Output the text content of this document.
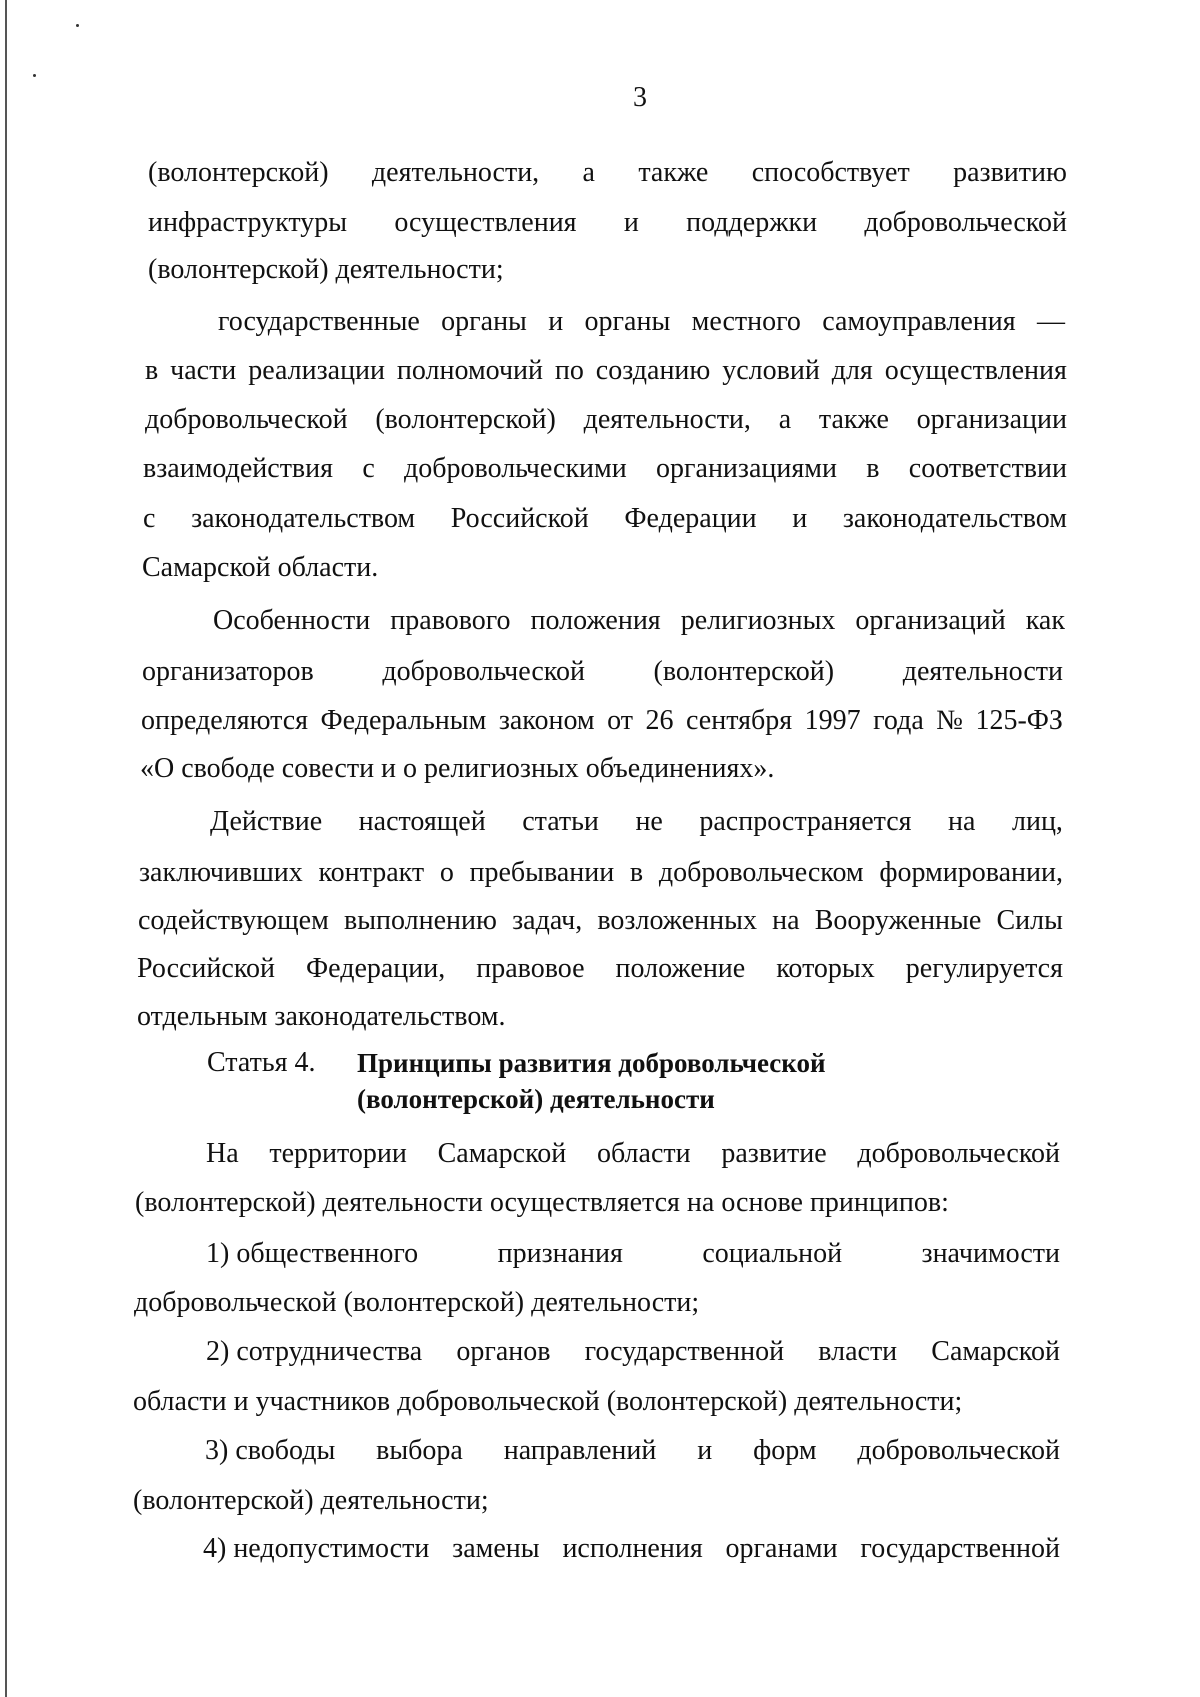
3
(волонтерской) деятельности, а также способствует развитию
инфраструктуры осуществления и поддержки добровольческой
(волонтерской) деятельности;
государственные органы и органы местного самоуправления —
в части реализации полномочий по созданию условий для осуществления
добровольческой (волонтерской) деятельности, а также организации
взаимодействия с добровольческими организациями в соответствии
с законодательством Российской Федерации и законодательством
Самарской области.
Особенности правового положения религиозных организаций как
организаторов добровольческой (волонтерской) деятельности
определяются Федеральным законом от 26 сентября 1997 года № 125-ФЗ
«О свободе совести и о религиозных объединениях».
Действие настоящей статьи не распространяется на лиц,
заключивших контракт о пребывании в добровольческом формировании,
содействующем выполнению задач, возложенных на Вооруженные Силы
Российской Федерации, правовое положение которых регулируется
отдельным законодательством.
На территории Самарской области развитие добровольческой
(волонтерской) деятельности осуществляется на основе принципов:
1) общественного	признания	социальной	значимости
добровольческой (волонтерской) деятельности;
2) сотрудничества органов государственной власти Самарской
области и участников добровольческой (волонтерской) деятельности;
3) свободы выбора направлений и форм добровольческой
(волонтерской) деятельности;
4) недопустимости замены исполнения органами государственной
Статья 4. Принципы развития добровольческой
(волонтерской) деятельности
